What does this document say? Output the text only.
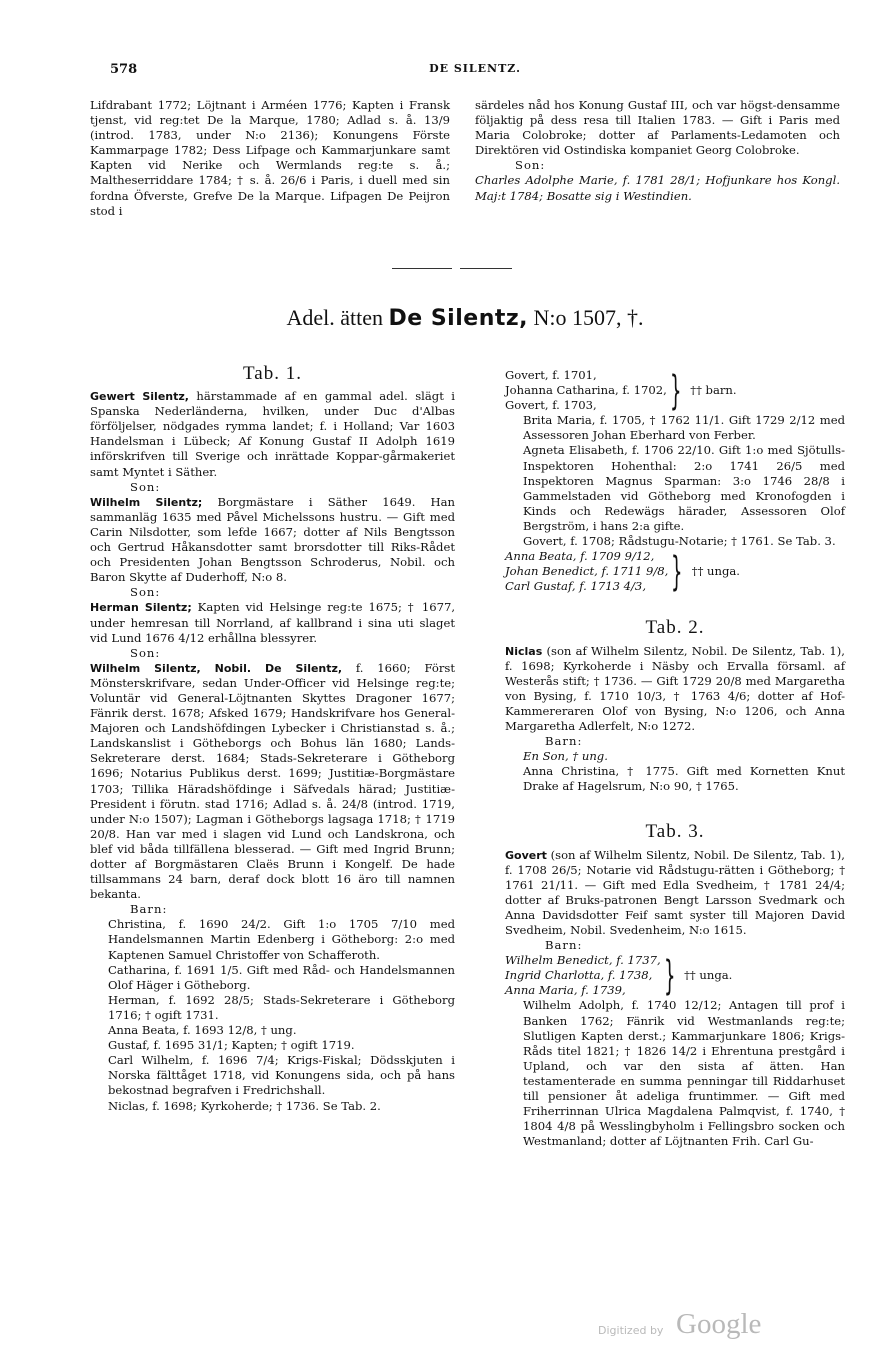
578	DE SILENTZ.

Lifdrabant 1772; Löjtnant i Arméen 1776; Kapten i Fransk tjenst, vid reg:tet De la Marque, 1780; Adlad s. å. 13/9 (introd. 1783, under N:o 2136); Konungens Förste Kammarpage 1782; Dess Lifpage och Kammarjunkare samt Kapten vid Nerike och Wermlands reg:te s. å.; Maltheserriddare 1784; † s. å. 26/6 i Paris, i duell med sin fordna Öfverste, Grefve De la Marque. Lifpagen De Peijron stod i

särdeles nåd hos Konung Gustaf III, och var högst-densamme följaktig på dess resa till Italien 1783. — Gift i Paris med Maria Colobroke; dotter af Parlaments-Ledamoten och Direktören vid Ostindiska kompaniet Georg Colobroke.

Son:

Charles Adolphe Marie, f. 1781 28/1; Hofjunkare hos Kongl. Maj:t 1784; Bosatte sig i Westindien.

Adel. ätten De Silentz, N:o 1507, †.
Tab. 1.

Gewert Silentz, härstammade af en gammal adel. slägt i Spanska Nederländerna, hvilken, under Duc d'Albas förföljelser, nödgades rymma landet; f. i Holland; Var 1603 Handelsman i Lübeck; Af Konung Gustaf II Adolph 1619 införskrifven till Sverige och inrättade Koppar-gårmakeriet samt Myntet i Säther.

Son:

Wilhelm Silentz; Borgmästare i Säther 1649. Han sammanläg 1635 med Påvel Michelssons hustru. — Gift med Carin Nilsdotter, som lefde 1667; dotter af Nils Bengtsson och Gertrud Håkansdotter samt brorsdotter till Riks-Rådet och Presidenten Johan Bengtsson Schroderus, Nobil. och Baron Skytte af Duderhoff, N:o 8.

Son:

Herman Silentz; Kapten vid Helsinge reg:te 1675; † 1677, under hemresan till Norrland, af kallbrand i sina uti slaget vid Lund 1676 4/12 erhållna blessyrer.

Son:

Wilhelm Silentz, Nobil. De Silentz, f. 1660; Först Mönsterskrifvare, sedan Under-Officer vid Helsinge reg:te; Voluntär vid General-Löjtnanten Skyttes Dragoner 1677; Fänrik derst. 1678; Afsked 1679; Handskrifvare hos General-Majoren och Landshöfdingen Lybecker i Christianstad s. å.; Landskanslist i Götheborgs och Bohus län 1680; Lands-Sekreterare derst. 1684; Stads-Sekreterare i Götheborg 1696; Notarius Publikus derst. 1699; Justitiæ-Borgmästare 1703; Tillika Häradshöfdinge i Säfvedals härad; Justitiæ-President i förutn. stad 1716; Adlad s. å. 24/8 (introd. 1719, under N:o 1507); Lagman i Götheborgs lagsaga 1718; † 1719 20/8. Han var med i slagen vid Lund och Landskrona, och blef vid båda tillfällena blesserad. — Gift med Ingrid Brunn; dotter af Borgmästaren Claës Brunn i Kongelf. De hade tillsammans 24 barn, deraf dock blott 16 äro till namnen bekanta.

Barn:

Christina, f. 1690 24/2. Gift 1:o 1705 7/10 med Handelsmannen Martin Edenberg i Götheborg: 2:o med Kaptenen Samuel Christoffer von Schafferoth.

Catharina, f. 1691 1/5. Gift med Råd- och Handelsmannen Olof Häger i Götheborg.

Herman, f. 1692 28/5; Stads-Sekreterare i Götheborg 1716; † ogift 1731.

Anna Beata, f. 1693 12/8, † ung.

Gustaf, f. 1695 31/1; Kapten; † ogift 1719.

Carl Wilhelm, f. 1696 7/4; Krigs-Fiskal; Dödsskjuten i Norska fälttåget 1718, vid Konungens sida, och på hans bekostnad begrafven i Fredrichshall.

Niclas, f. 1698; Kyrkoherde; † 1736. Se Tab. 2.

Govert, f. 1701,
Johanna Catharina, f. 1702,
Govert, f. 1703,	} †† barn.

Brita Maria, f. 1705, † 1762 11/1. Gift 1729 2/12 med Assessoren Johan Eberhard von Ferber.

Agneta Elisabeth, f. 1706 22/10. Gift 1:o med Sjötulls-Inspektoren Hohenthal: 2:o 1741 26/5 med Inspektoren Magnus Sparman: 3:o 1746 28/8 i Gammelstaden vid Götheborg med Kronofogden i Kinds och Redewägs härader, Assessoren Olof Bergström, i hans 2:a gifte.

Govert, f. 1708; Rådstugu-Notarie; † 1761. Se Tab. 3.

Anna Beata, f. 1709 9/12,
Johan Benedict, f. 1711 9/8,
Carl Gustaf, f. 1713 4/3, } †† unga.
Tab. 2.

Niclas (son af Wilhelm Silentz, Nobil. De Silentz, Tab. 1), f. 1698; Kyrkoherde i Näsby och Ervalla församl. af Westerås stift; † 1736. — Gift 1729 20/8 med Margaretha von Bysing, f. 1710 10/3, † 1763 4/6; dotter af Hof-Kammereraren Olof von Bysing, N:o 1206, och Anna Margaretha Adlerfelt, N:o 1272.

Barn:

En Son, † ung.

Anna Christina, † 1775. Gift med Kornetten Knut Drake af Hagelsrum, N:o 90, † 1765.

Tab. 3.

Govert (son af Wilhelm Silentz, Nobil. De Silentz, Tab. 1), f. 1708 26/5; Notarie vid Rådstugu-rätten i Götheborg; † 1761 21/11. — Gift med Edla Svedheim, † 1781 24/4; dotter af Bruks-patronen Bengt Larsson Svedmark och Anna Davidsdotter Feif samt syster till Majoren David Svedheim, Nobil. Svedenheim, N:o 1615.

Barn:

Wilhelm Benedict, f. 1737,
Ingrid Charlotta, f. 1738,
Anna Maria, f. 1739, } †† unga.

Wilhelm Adolph, f. 1740 12/12; Antagen till prof i Banken 1762; Fänrik vid Westmanlands reg:te; Slutligen Kapten derst.; Kammarjunkare 1806; Krigs-Råds titel 1821; † 1826 14/2 i Ehrentuna prestgård i Upland, och var den sista af ätten. Han testamenterade en summa penningar till Riddarhuset till pensioner åt adeliga fruntimmer. — Gift med Friherrinnan Ulrica Magdalena Palmqvist, f. 1740, † 1804 4/8 på Wesslingbyholm i Fellingsbro socken och Westmanland; dotter af Löjtnanten Frih. Carl Gu-

Digitized by Google
